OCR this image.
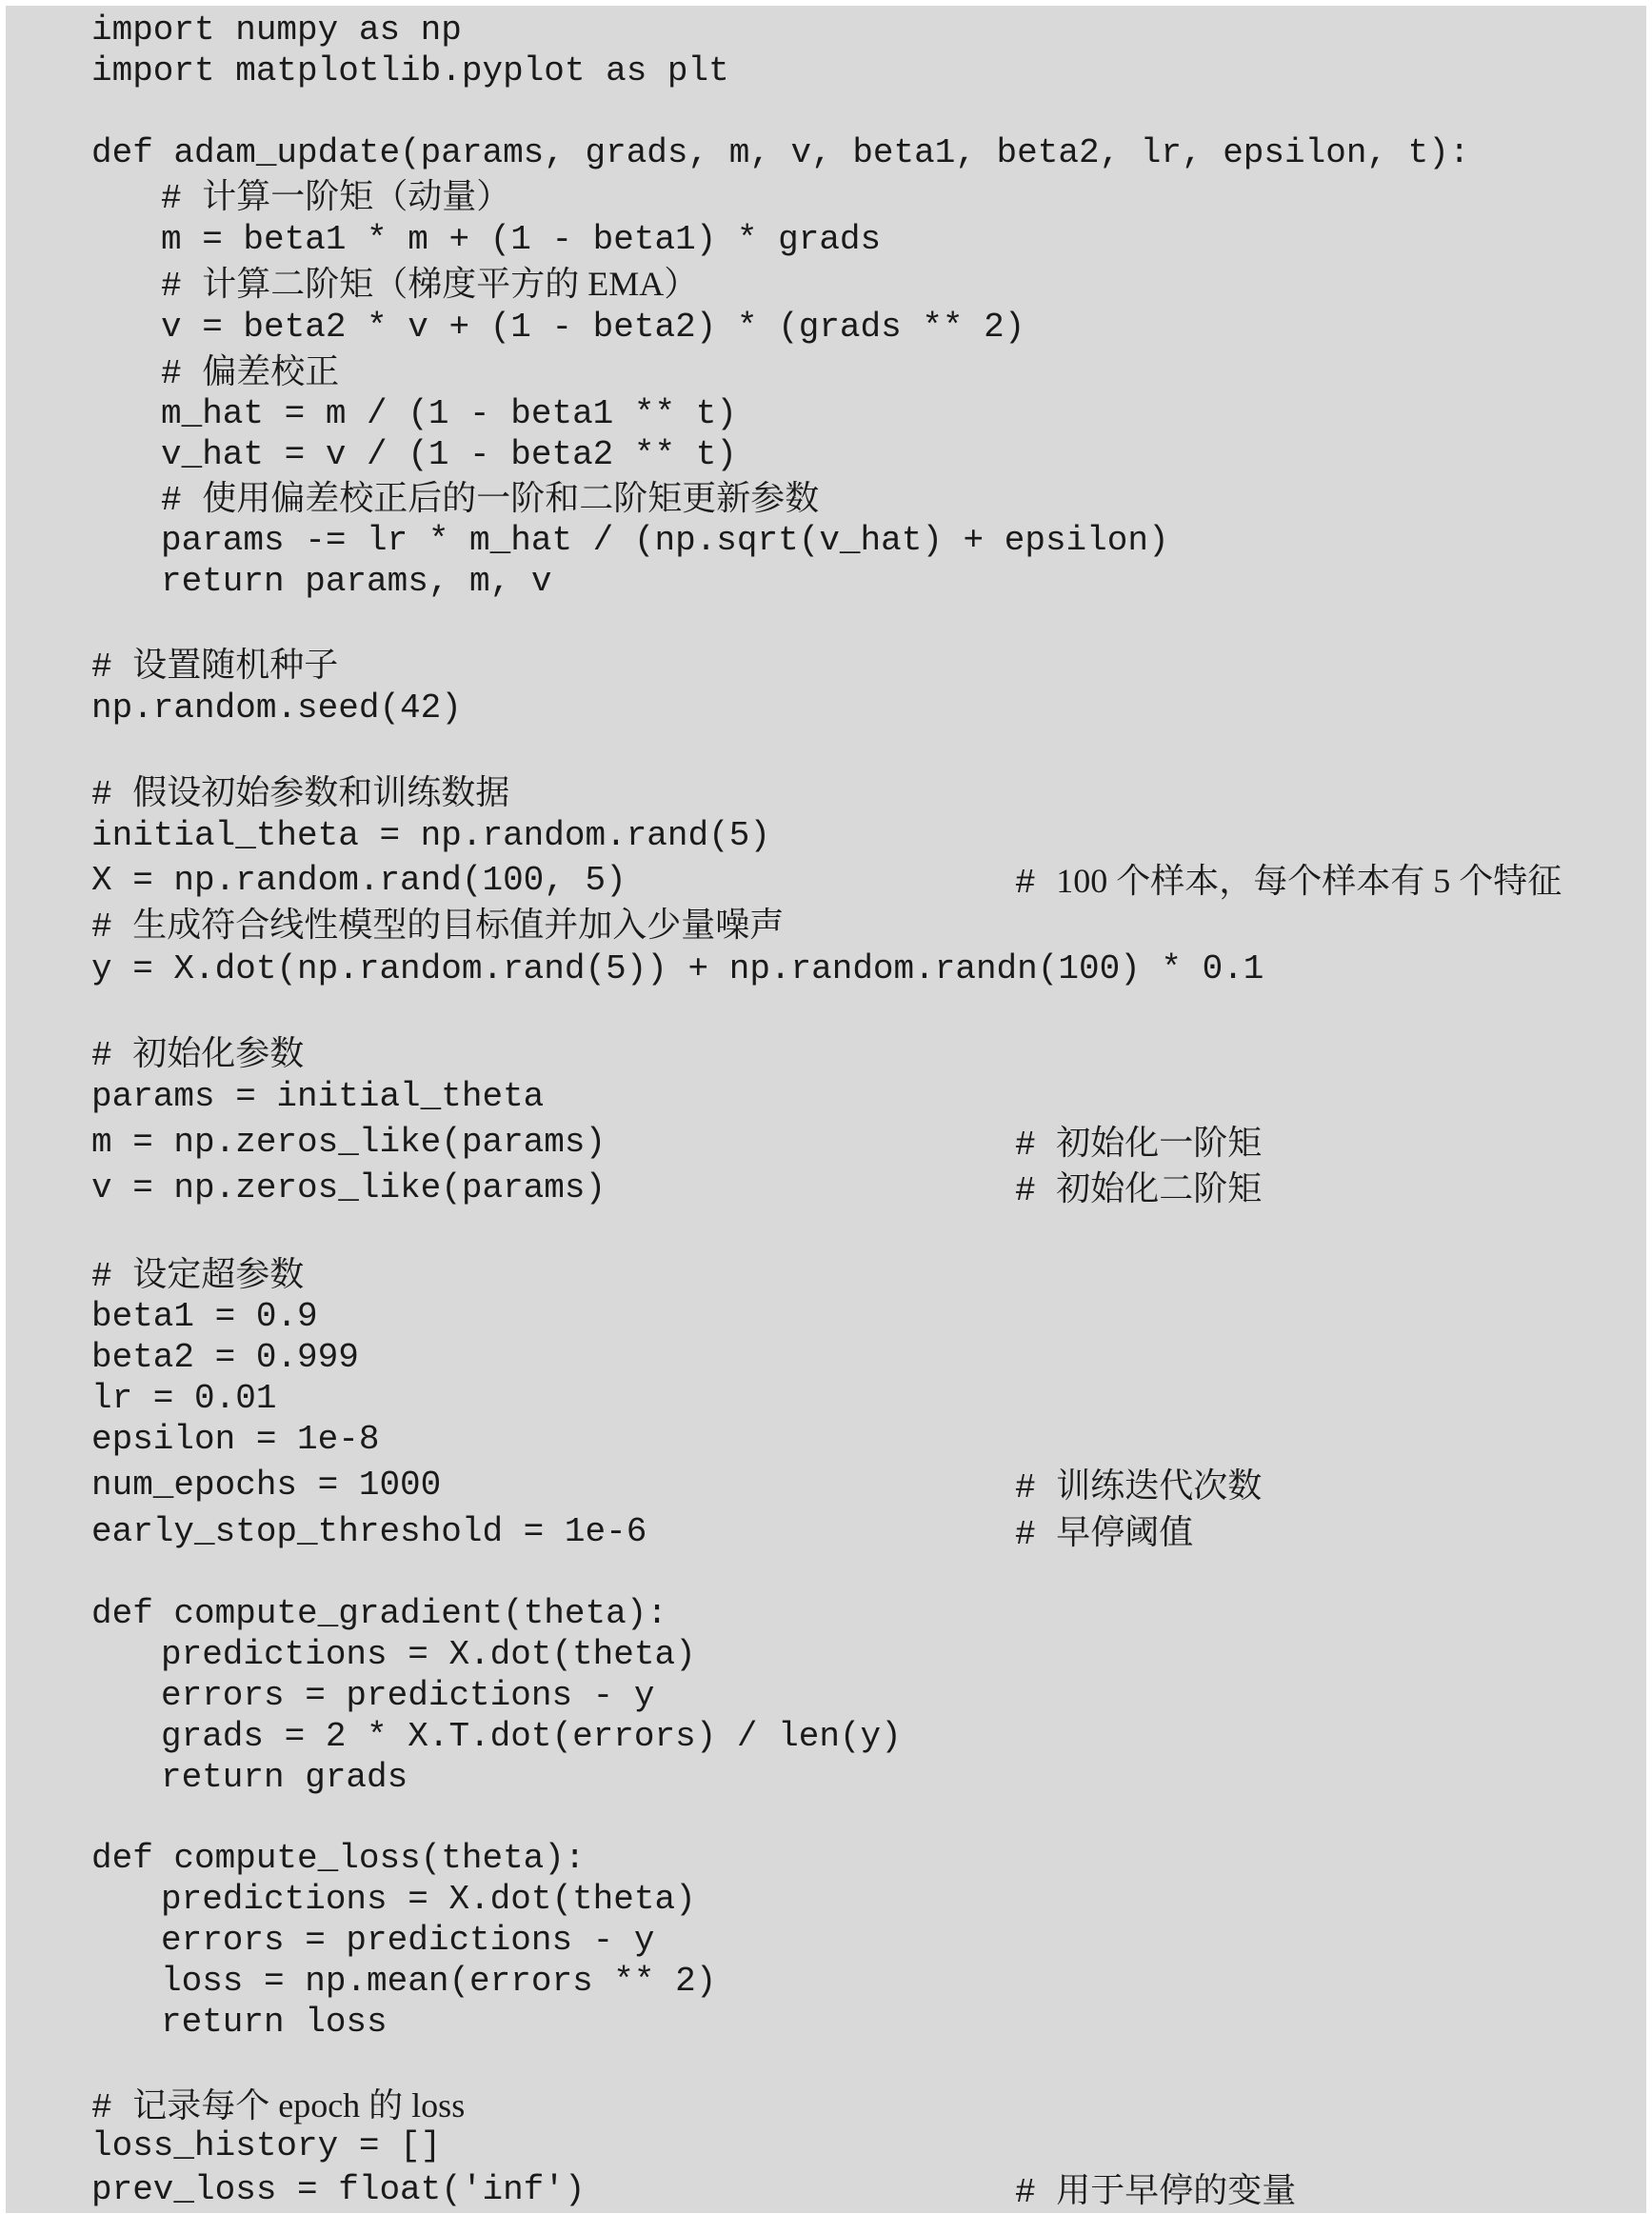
import numpy as np
import matplotlib.pyplot as plt
def adam_update(params, grads, m, v, beta1, beta2, lr, epsilon, t):
# 计算一阶矩（动量）
m = beta1 * m + (1 - beta1) * grads
# 计算二阶矩（梯度平方的 EMA）
v = beta2 * v + (1 - beta2) * (grads ** 2)
# 偏差校正
m_hat = m / (1 - beta1 ** t)
v_hat = v / (1 - beta2 ** t)
# 使用偏差校正后的一阶和二阶矩更新参数
params -= lr * m_hat / (np.sqrt(v_hat) + epsilon)
return params, m, v
# 设置随机种子
np.random.seed(42)
# 假设初始参数和训练数据
initial_theta = np.random.rand(5)
X = np.random.rand(100, 5)	# 100 个样本，每个样本有 5 个特征
# 生成符合线性模型的目标值并加入少量噪声
y = X.dot(np.random.rand(5)) + np.random.randn(100) * 0.1
# 初始化参数
params = initial_theta
m = np.zeros_like(params)	# 初始化一阶矩
v = np.zeros_like(params)	# 初始化二阶矩
# 设定超参数
beta1 = 0.9
beta2 = 0.999
lr = 0.01
epsilon = 1e-8
num_epochs = 1000	# 训练迭代次数
early_stop_threshold = 1e-6	# 早停阈值
def compute_gradient(theta):
predictions = X.dot(theta)
errors = predictions - y
grads = 2 * X.T.dot(errors) / len(y)
return grads
def compute_loss(theta):
predictions = X.dot(theta)
errors = predictions - y
loss = np.mean(errors ** 2)
return loss
# 记录每个 epoch 的 loss
loss_history = []
prev_loss = float('inf')	# 用于早停的变量
